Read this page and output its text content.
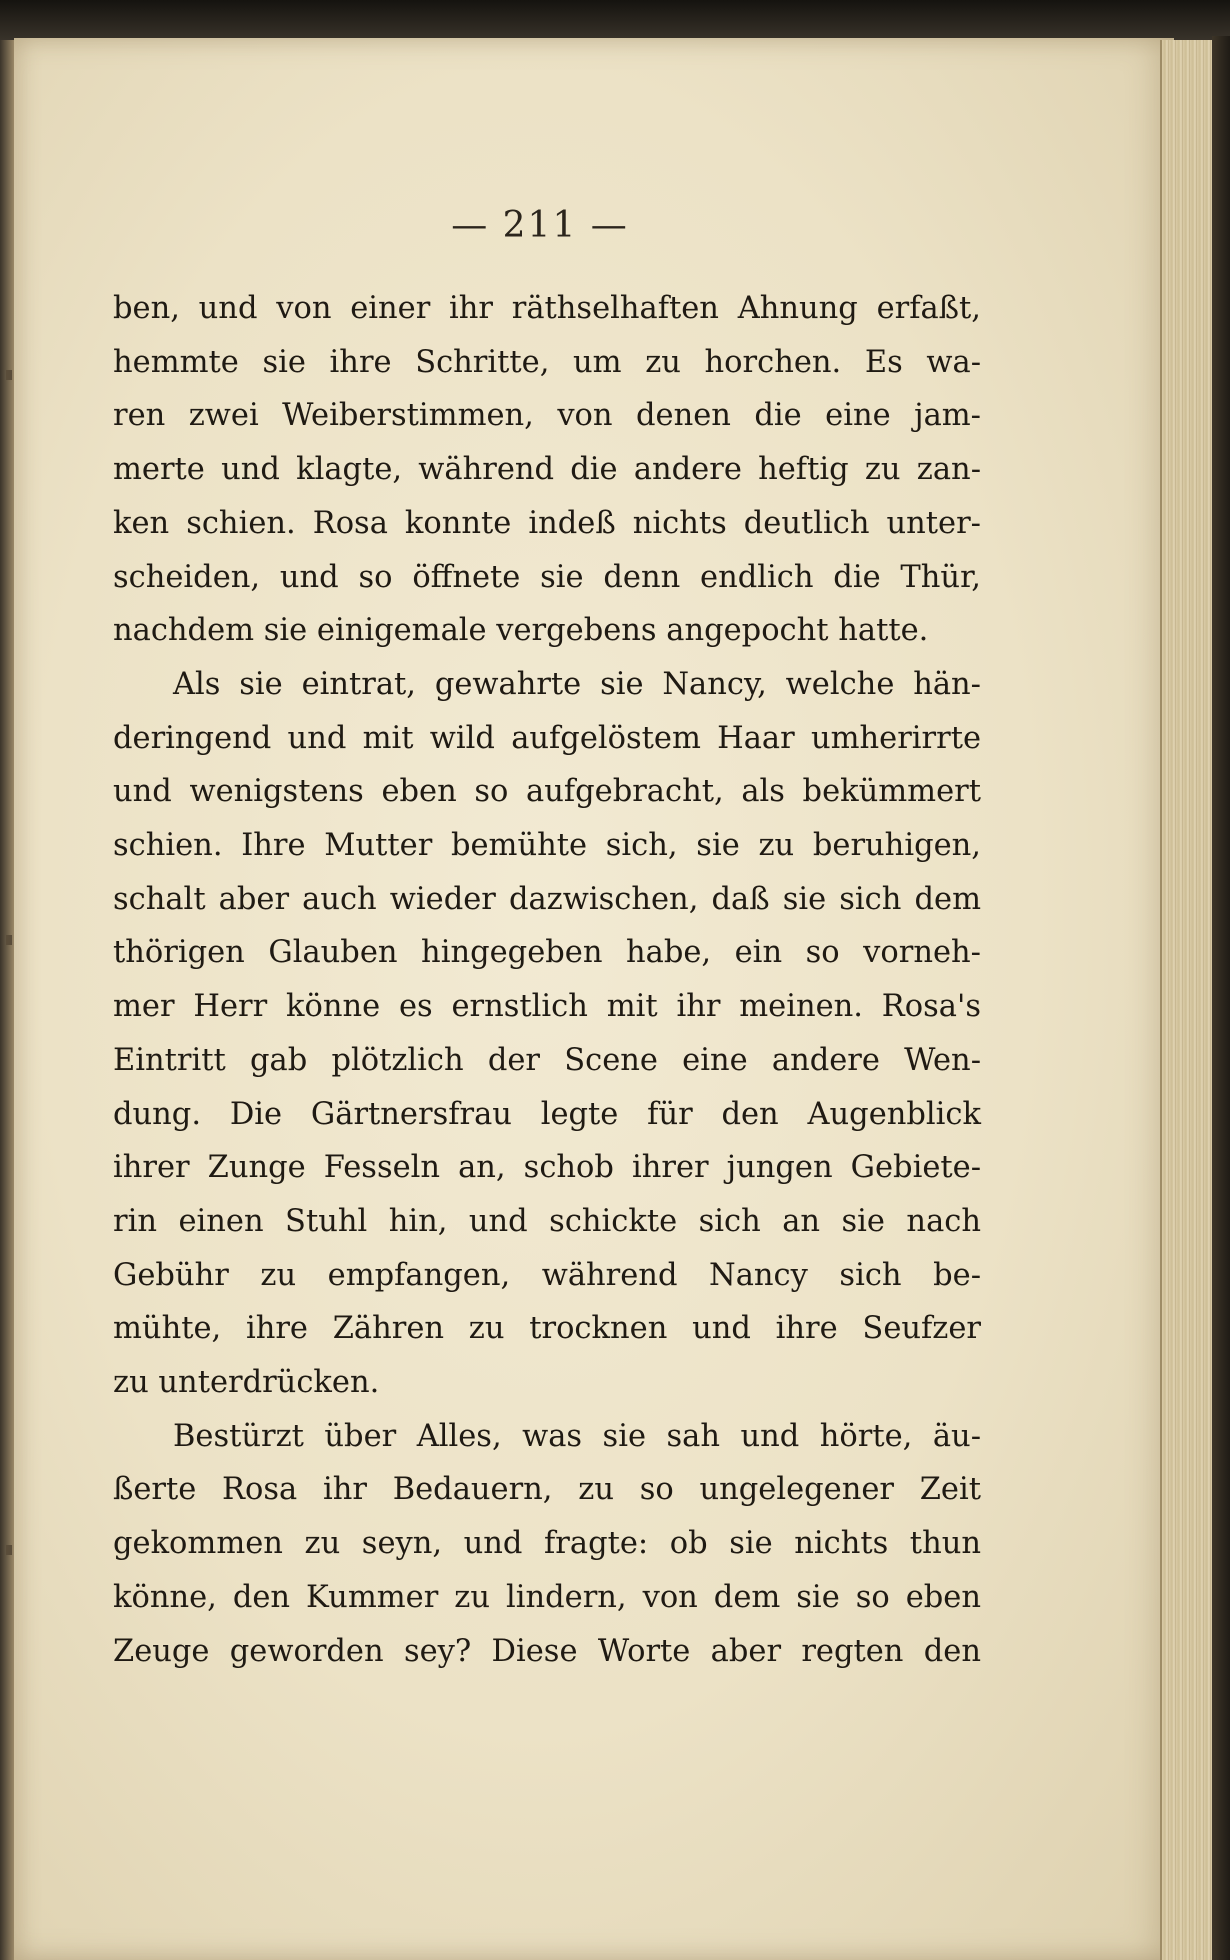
— 211 —

ben, und von einer ihr räthselhaften Ahnung erfaßt,
hemmte sie ihre Schritte, um zu horchen. Es wa-
ren zwei Weiberstimmen, von denen die eine jam-
merte und klagte, während die andere heftig zu zan-
ken schien. Rosa konnte indeß nichts deutlich unter-
scheiden, und so öffnete sie denn endlich die Thür,
nachdem sie einigemale vergebens angepocht hatte.

Als sie eintrat, gewahrte sie Nancy, welche hän-
deringend und mit wild aufgelöstem Haar umherirrte
und wenigstens eben so aufgebracht, als bekümmert
schien. Ihre Mutter bemühte sich, sie zu beruhigen,
schalt aber auch wieder dazwischen, daß sie sich dem
thörigen Glauben hingegeben habe, ein so vorneh-
mer Herr könne es ernstlich mit ihr meinen. Rosa's
Eintritt gab plötzlich der Scene eine andere Wen-
dung. Die Gärtnersfrau legte für den Augenblick
ihrer Zunge Fesseln an, schob ihrer jungen Gebiete-
rin einen Stuhl hin, und schickte sich an sie nach
Gebühr zu empfangen, während Nancy sich be-
mühte, ihre Zähren zu trocknen und ihre Seufzer
zu unterdrücken.

Bestürzt über Alles, was sie sah und hörte, äu-
ßerte Rosa ihr Bedauern, zu so ungelegener Zeit
gekommen zu seyn, und fragte: ob sie nichts thun
könne, den Kummer zu lindern, von dem sie so eben
Zeuge geworden sey? Diese Worte aber regten den
